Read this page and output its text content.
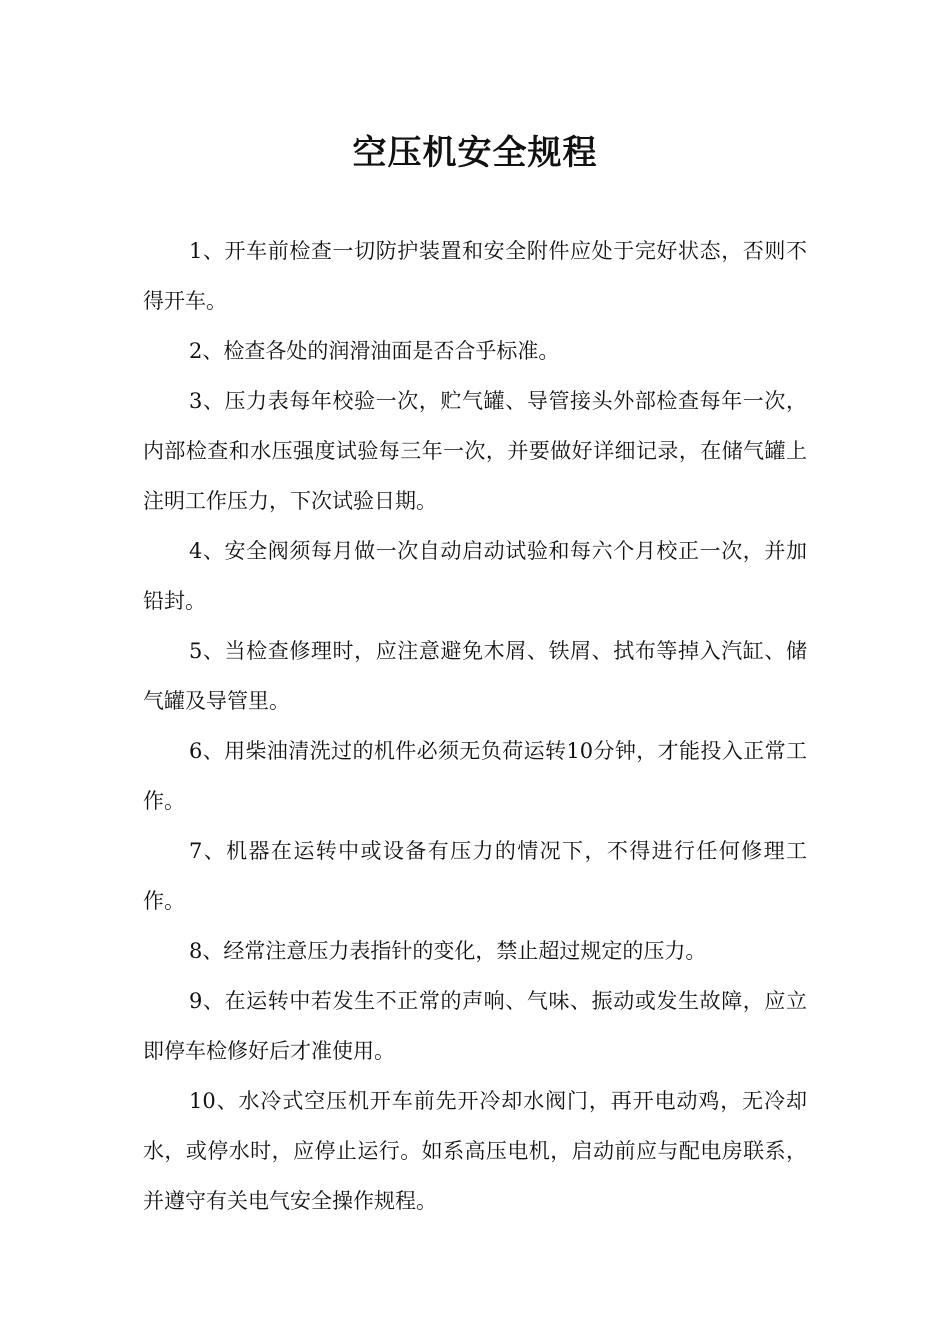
空压机安全规程

1、开车前检查一切防护装置和安全附件应处于完好状态，否则不得开车。

2、检查各处的润滑油面是否合乎标准。

3、压力表每年校验一次，贮气罐、导管接头外部检查每年一次，内部检查和水压强度试验每三年一次，并要做好详细记录，在储气罐上注明工作压力，下次试验日期。

4、安全阀须每月做一次自动启动试验和每六个月校正一次，并加铅封。

5、当检查修理时，应注意避免木屑、铁屑、拭布等掉入汽缸、储气罐及导管里。

6、用柴油清洗过的机件必须无负荷运转10分钟，才能投入正常工作。

7、机器在运转中或设备有压力的情况下，不得进行任何修理工作。

8、经常注意压力表指针的变化，禁止超过规定的压力。

9、在运转中若发生不正常的声响、气味、振动或发生故障，应立即停车检修好后才准使用。

10、水冷式空压机开车前先开冷却水阀门，再开电动鸡，无冷却水，或停水时，应停止运行。如系高压电机，启动前应与配电房联系，并遵守有关电气安全操作规程。
